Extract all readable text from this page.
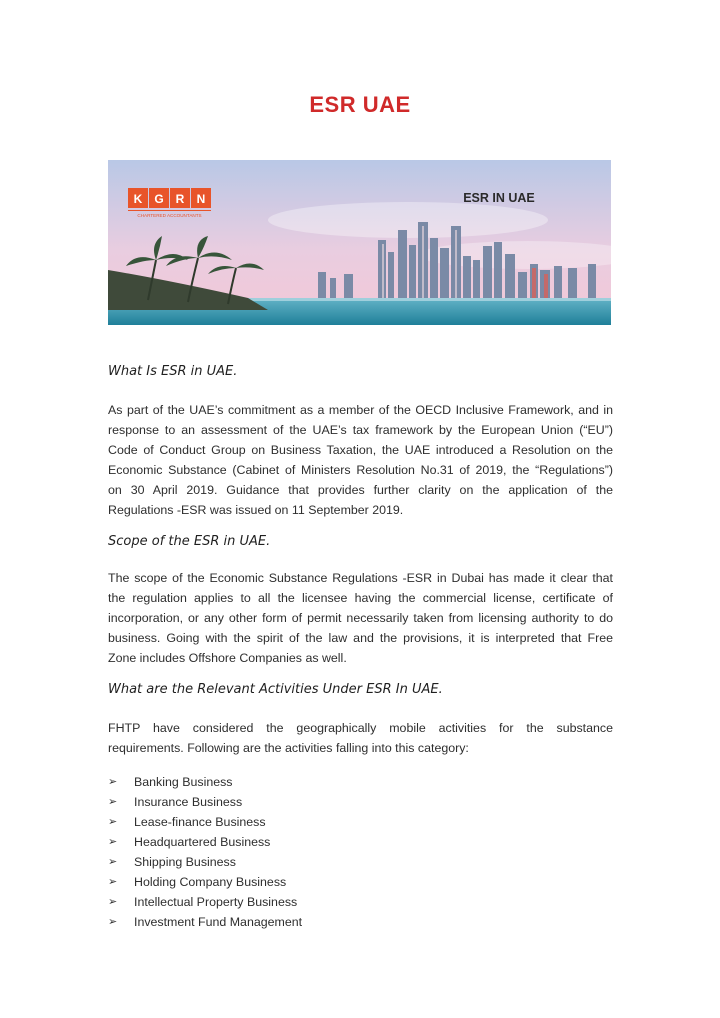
ESR UAE
K G R N
CHARTERED ACCOUNTANTS
ESR IN UAE
What Is ESR in UAE.
As part of the UAE’s commitment as a member of the OECD Inclusive Framework, and in
response to an assessment of the UAE’s tax framework by the European Union (“EU”)
Code of Conduct Group on Business Taxation, the UAE introduced a Resolution on the
Economic Substance (Cabinet of Ministers Resolution No.31 of 2019, the “Regulations”)
on 30 April 2019. Guidance that provides further clarity on the application of the
Regulations -ESR was issued on 11 September 2019.
Scope of the ESR in UAE.
The scope of the Economic Substance Regulations -ESR in Dubai has made it clear that
the regulation applies to all the licensee having the commercial license, certificate of
incorporation, or any other form of permit necessarily taken from licensing authority to do
business. Going with the spirit of the law and the provisions, it is interpreted that Free
Zone includes Offshore Companies as well.
What are the Relevant Activities Under ESR In UAE.
FHTP have considered the geographically mobile activities for the substance
requirements. Following are the activities falling into this category:
➢	Banking Business
➢	Insurance Business
➢	Lease-finance Business
➢	Headquartered Business
➢	Shipping Business
➢	Holding Company Business
➢	Intellectual Property Business
➢	Investment Fund Management
